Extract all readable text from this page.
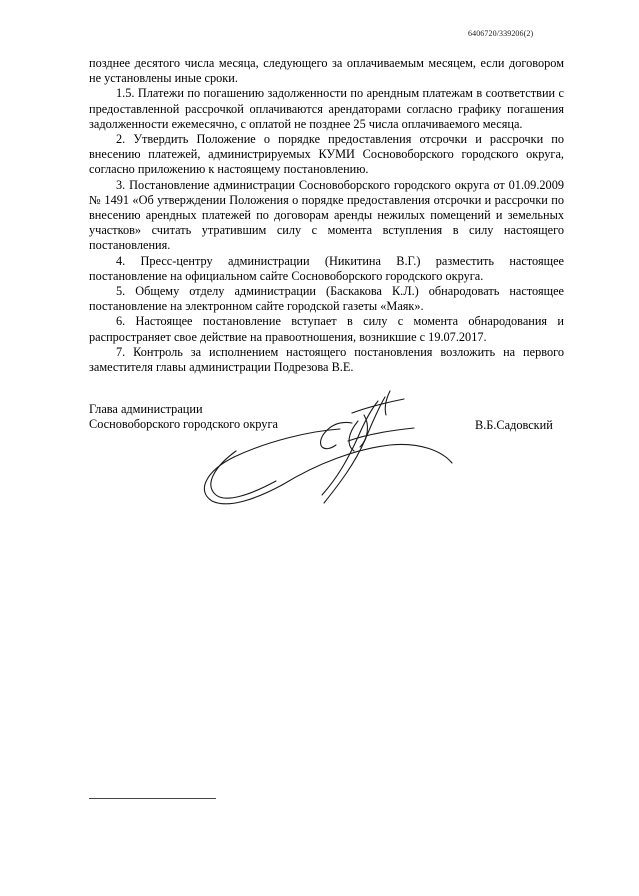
6406720/339206(2)

позднее десятого числа месяца, следующего за оплачиваемым месяцем, если договором не установлены иные сроки.

1.5. Платежи по погашению задолженности по арендным платежам в соответствии с предоставленной рассрочкой оплачиваются арендаторами согласно графику погашения задолженности ежемесячно, с оплатой не позднее 25 числа оплачиваемого месяца.

2. Утвердить Положение о порядке предоставления отсрочки и рассрочки по внесению платежей, администрируемых КУМИ Сосновоборского городского округа, согласно приложению к настоящему постановлению.

3. Постановление администрации Сосновоборского городского округа от 01.09.2009 № 1491 «Об утверждении Положения о порядке предоставления отсрочки и рассрочки по внесению арендных платежей по договорам аренды нежилых помещений и земельных участков» считать утратившим силу с момента вступления в силу настоящего постановления.

4. Пресс-центру администрации (Никитина В.Г.) разместить настоящее постановление на официальном сайте Сосновоборского городского округа.

5. Общему отделу администрации (Баскакова К.Л.) обнародовать настоящее постановление на электронном сайте городской газеты «Маяк».

6. Настоящее постановление вступает в силу с момента обнародования и распространяет свое действие на правоотношения, возникшие с 19.07.2017.

7. Контроль за исполнением настоящего постановления возложить на первого заместителя главы администрации Подрезова В.Е.

Глава администрации
Сосновоборского городского округа	В.Б.Садовский
